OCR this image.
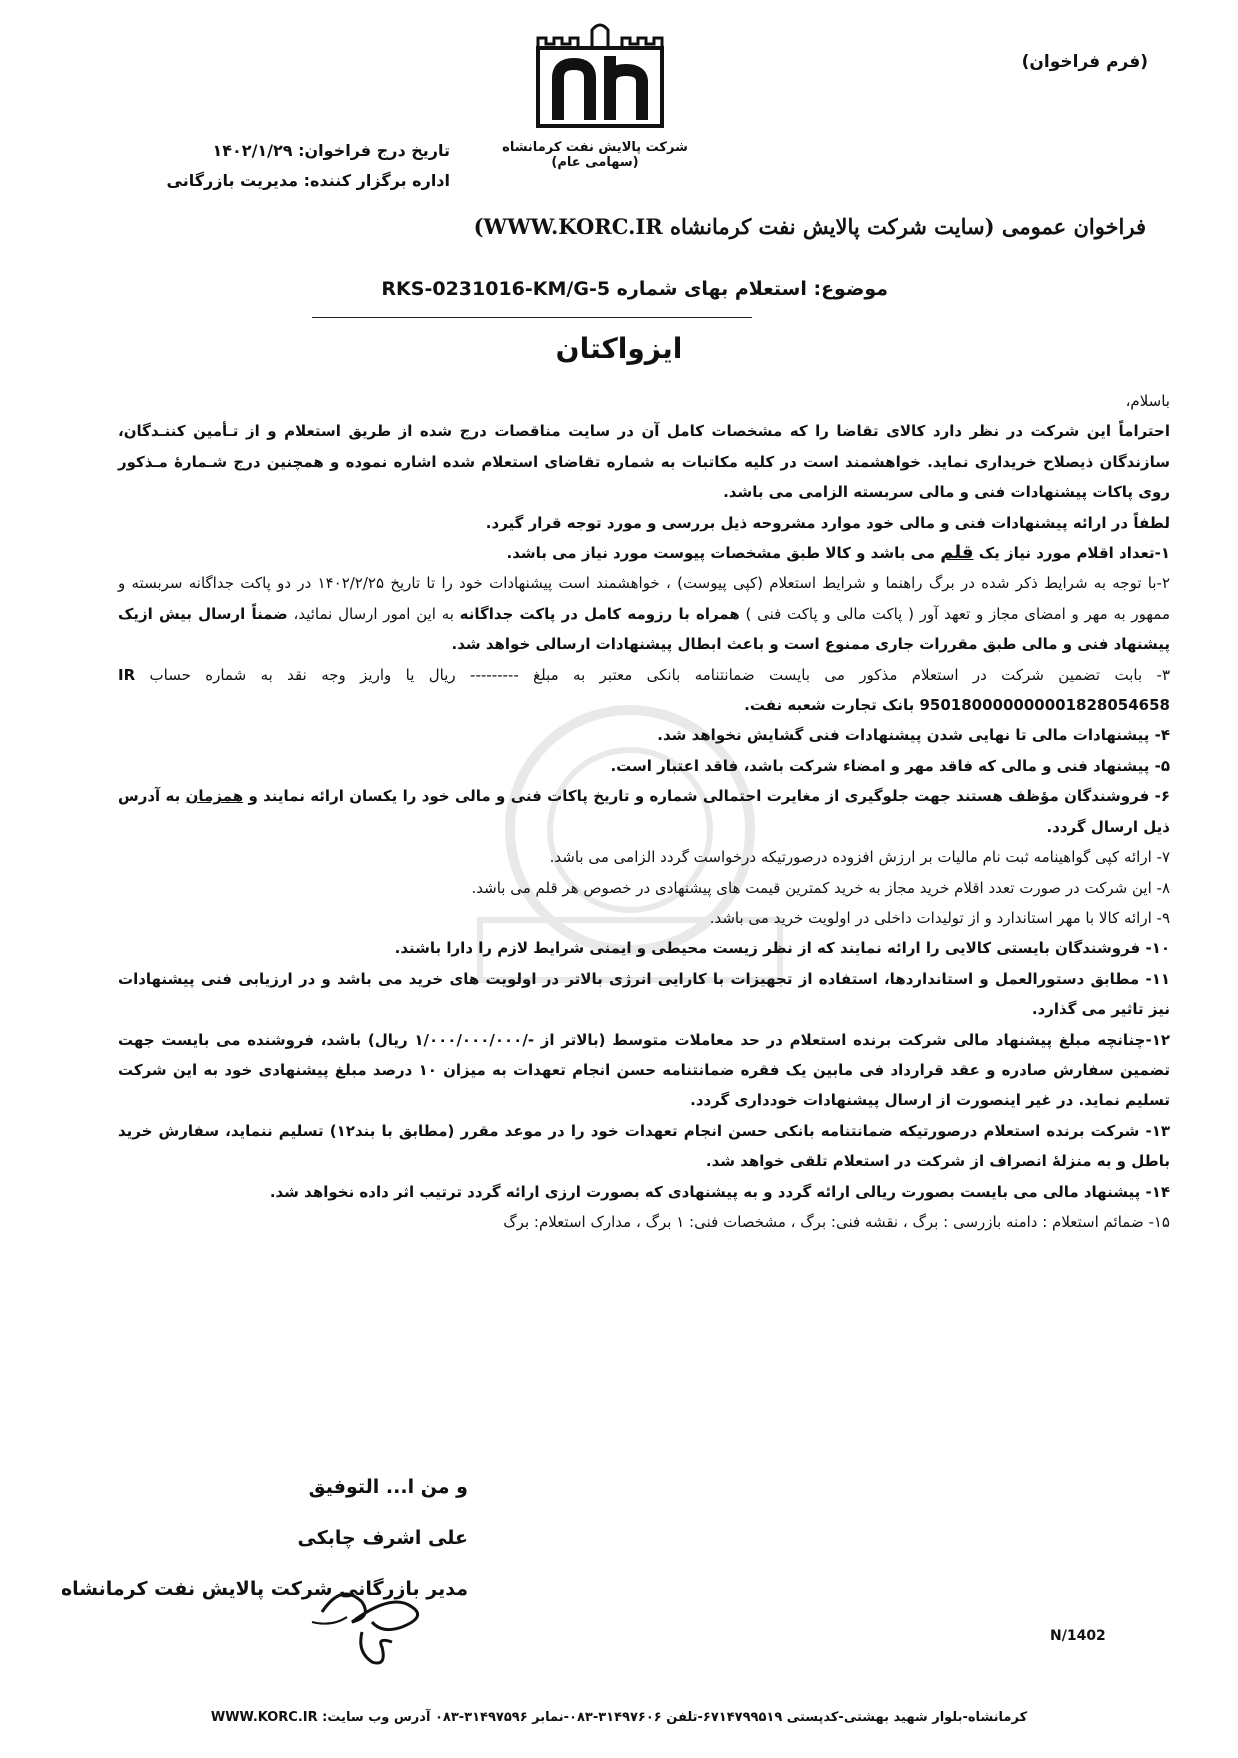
(فرم فراخوان)
شرکت پالایش نفت کرمانشاه (سهامی عام)
تاریخ درج فراخوان: ۱۴۰۲/۱/۲۹
اداره برگزار کننده: مدیریت بازرگانی
فراخوان عمومی (سایت شرکت پالایش نفت کرمانشاه WWW.KORC.IR)
موضوع: استعلام بهای شماره RKS-0231016-KM/G-5
ایزواکتان

باسلام،

احتراماً این شرکت در نظر دارد کالای تقاضا را که مشخصات کامل آن در سایت مناقصات درج شده از طریق استعلام و از تـأمین کننـدگان، سازندگان ذیصلاح خریداری نماید. خواهشمند است در کلیه مکاتبات به شماره تقاضای استعلام شده اشاره نموده و همچنین درج شـمارۀ مـذکور روی پاکات پیشنهادات فنی و مالی سربسته الزامی می باشد.

لطفاً در ارائه پیشنهادات فنی و مالی خود موارد مشروحه ذیل بررسی و مورد توجه قرار گیرد.

۱-تعداد اقلام مورد نیاز یک قلم می باشد و کالا طبق مشخصات پیوست مورد نیاز می باشد.

۲-با توجه به شرایط ذکر شده در برگ راهنما و شرایط استعلام (کپی پیوست) ، خواهشمند است پیشنهادات خود را تا تاریخ ۱۴۰۲/۲/۲۵ در دو پاکت جداگانه سربسته و ممهور به مهر و امضای مجاز و تعهد آور ( پاکت مالی و پاکت فنی ) همراه با رزومه کامل در پاکت جداگانه به این امور ارسال نمائید، ضمناً ارسال بیش ازیک پیشنهاد فنی و مالی طبق مقررات جاری ممنوع است و باعث ابطال پیشنهادات ارسالی خواهد شد.

۳- بابت تضمین شرکت در استعلام مذکور می بایست ضمانتنامه بانکی معتبر به مبلغ --------- ریال یا واریز وجه نقد به شماره حساب IR 950180000000001828054658 بانک تجارت شعبه نفت.

۴- پیشنهادات مالی تا نهایی شدن پیشنهادات فنی گشایش نخواهد شد.

۵- پیشنهاد فنی و مالی که فاقد مهر و امضاء شرکت باشد، فاقد اعتبار است.

۶- فروشندگان مؤظف هستند جهت جلوگیری از مغایرت احتمالی شماره و تاریخ پاکات فنی و مالی خود را یکسان ارائه نمایند و همزمان به آدرس ذیل ارسال گردد.

۷- ارائه کپی گواهینامه ثبت نام مالیات بر ارزش افزوده درصورتیکه درخواست گردد الزامی می باشد.

۸- این شرکت در صورت تعدد اقلام خرید مجاز به خرید کمترین قیمت های پیشنهادی در خصوص هر قلم می باشد.

۹- ارائه کالا با مهر استاندارد و از تولیدات داخلی در اولویت خرید می باشد.

۱۰- فروشندگان بایستی کالایی را ارائه نمایند که از نظر زیست محیطی و ایمنی شرایط لازم را دارا باشند.

۱۱- مطابق دستورالعمل و استانداردها، استفاده از تجهیزات با کارایی انرژی بالاتر در اولویت های خرید می باشد و در ارزیابی فنی پیشنهادات نیز تاثیر می گذارد.

۱۲-چنانچه مبلغ پیشنهاد مالی شرکت برنده استعلام در حد معاملات متوسط (بالاتر از -/۱/۰۰۰/۰۰۰/۰۰۰ ریال) باشد، فروشنده می بایست جهت تضمین سفارش صادره و عقد قرارداد فی مابین یک فقره ضمانتنامه حسن انجام تعهدات به میزان ۱۰ درصد مبلغ پیشنهادی خود به این شرکت تسلیم نماید. در غیر اینصورت از ارسال پیشنهادات خودداری گردد.

۱۳- شرکت برنده استعلام درصورتیکه ضمانتنامه بانکی حسن انجام تعهدات خود را در موعد مقرر (مطابق با بند۱۲) تسلیم ننماید، سفارش خرید باطل و به منزلۀ انصراف از شرکت در استعلام تلقی خواهد شد.

۱۴- پیشنهاد مالی می بایست بصورت ریالی ارائه گردد و به پیشنهادی که بصورت ارزی ارائه گردد ترتیب اثر داده نخواهد شد.

۱۵- ضمائم استعلام : دامنه بازرسی : برگ ، نقشه فنی: برگ ، مشخصات فنی: ۱ برگ ، مدارک استعلام: برگ

و من ا... التوفیق
علی اشرف چابکی
مدیر بازرگانی شرکت پالایش نفت کرمانشاه
N/1402
کرمانشاه-بلوار شهید بهشتی-کدپستی ۶۷۱۴۷۹۹۵۱۹-تلفن ۳۱۴۹۷۶۰۶-۰۸۳-نمابر ۳۱۴۹۷۵۹۶-۰۸۳ آدرس وب سایت: WWW.KORC.IR
